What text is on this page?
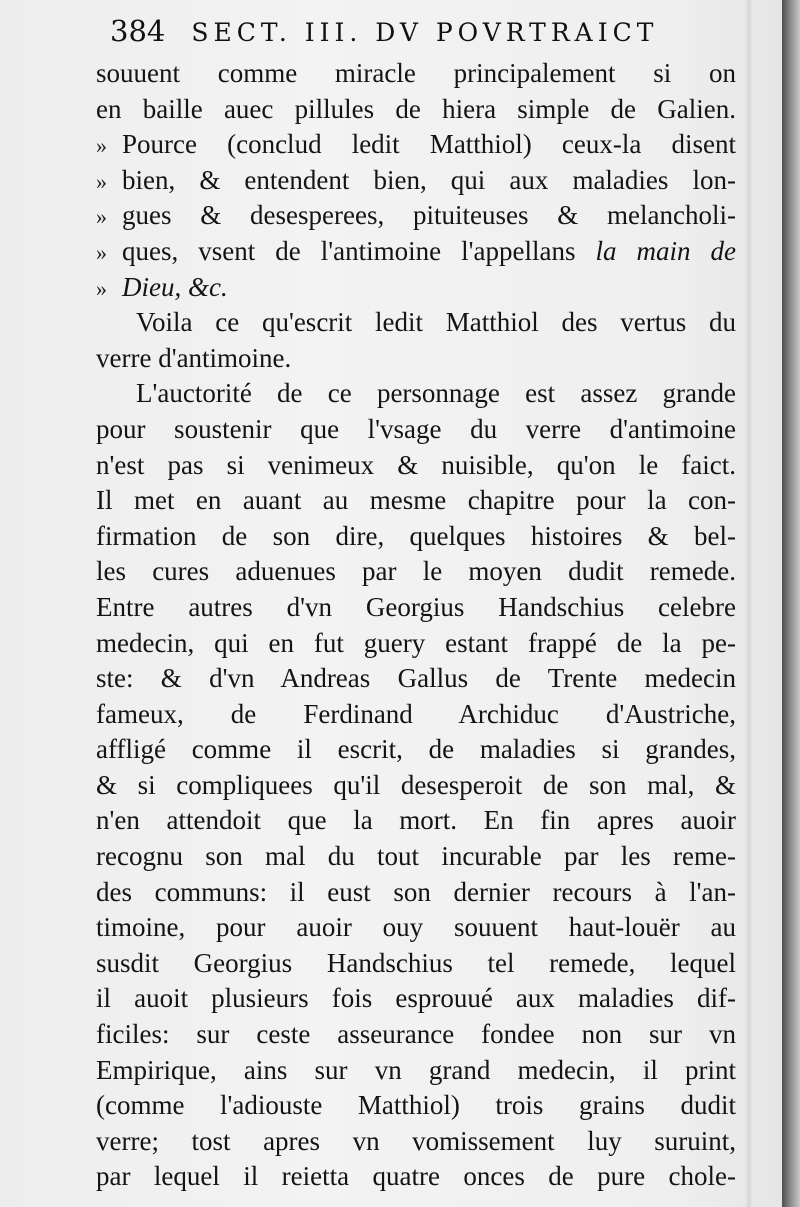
384 SECT. III. DV POVRTRAICT
souuent comme miracle principalement si on
en baille auec pillules de hiera simple de Galien.
» Pource (conclud ledit Matthiol) ceux-la disent
» bien, & entendent bien, qui aux maladies lon-
» gues & desesperees, pituiteuses & melancholi-
» ques, vsent de l'antimoine l'appellans la main de
» Dieu, &c.
Voila ce qu'escrit ledit Matthiol des vertus du
verre d'antimoine.
L'auctorité de ce personnage est assez grande
pour soustenir que l'vsage du verre d'antimoine
n'est pas si venimeux & nuisible, qu'on le faict.
Il met en auant au mesme chapitre pour la con-
firmation de son dire, quelques histoires & bel-
les cures aduenues par le moyen dudit remede.
Entre autres d'vn Georgius Handschius celebre
medecin, qui en fut guery estant frappé de la pe-
ste: & d'vn Andreas Gallus de Trente medecin
fameux, de Ferdinand Archiduc d'Austriche,
affligé comme il escrit, de maladies si grandes,
& si compliquees qu'il desesperoit de son mal, &
n'en attendoit que la mort. En fin apres auoir
recognu son mal du tout incurable par les reme-
des communs: il eust son dernier recours à l'an-
timoine, pour auoir ouy souuent haut-louër au
susdit Georgius Handschius tel remede, lequel
il auoit plusieurs fois esprouué aux maladies dif-
ficiles: sur ceste asseurance fondee non sur vn
Empirique, ains sur vn grand medecin, il print
(comme l'adiouste Matthiol) trois grains dudit
verre; tost apres vn vomissement luy suruint,
par lequel il reietta quatre onces de pure chole-
